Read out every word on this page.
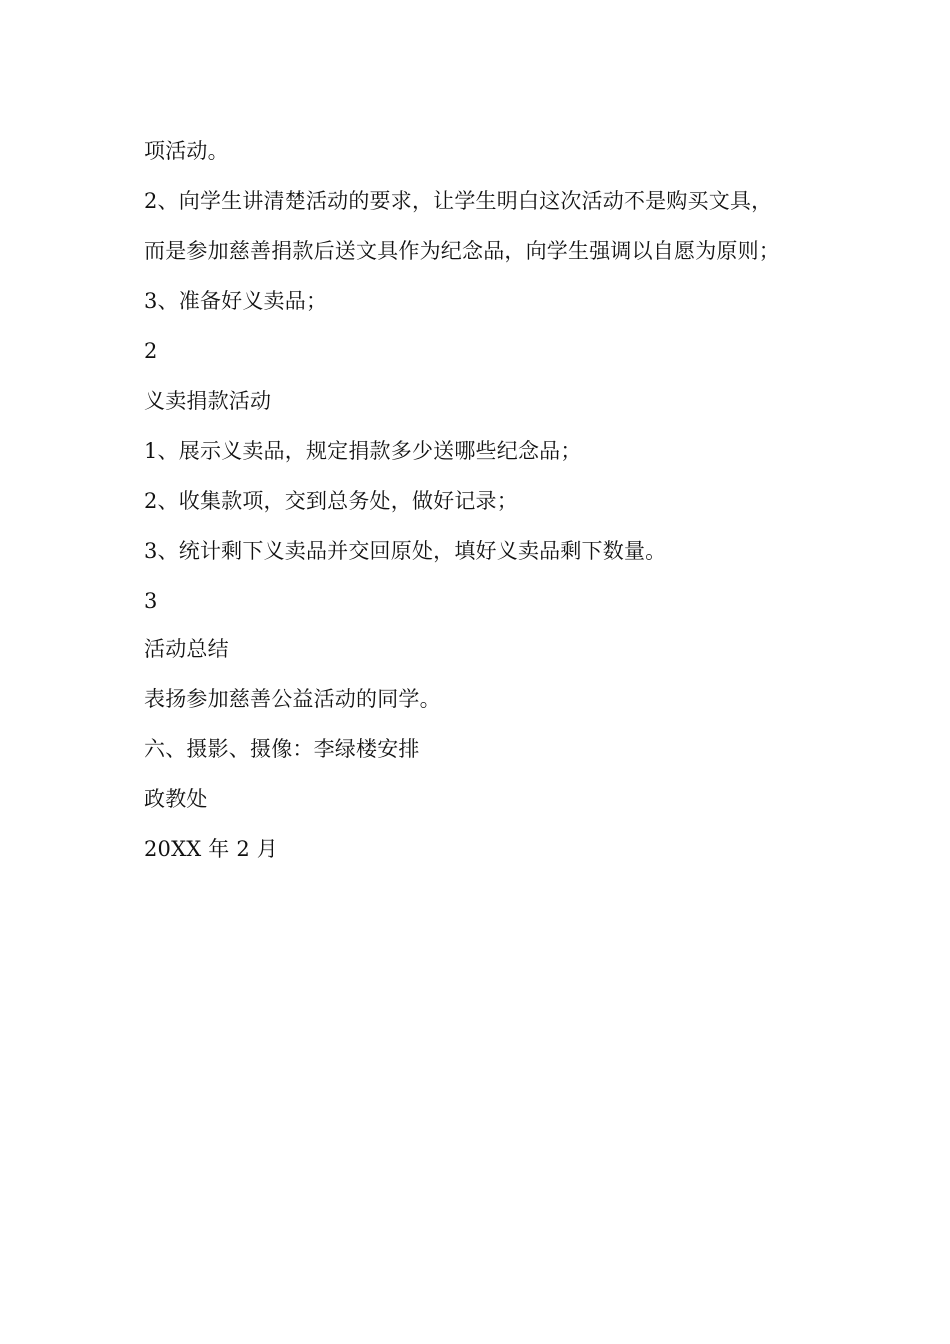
项活动。
2、向学生讲清楚活动的要求，让学生明白这次活动不是购买文具，
而是参加慈善捐款后送文具作为纪念品，向学生强调以自愿为原则；
3、准备好义卖品；
2
义卖捐款活动
1、展示义卖品，规定捐款多少送哪些纪念品；
2、收集款项，交到总务处，做好记录；
3、统计剩下义卖品并交回原处，填好义卖品剩下数量。
3
活动总结
表扬参加慈善公益活动的同学。
六、摄影、摄像：李绿楼安排
政教处
20XX 年 2 月
